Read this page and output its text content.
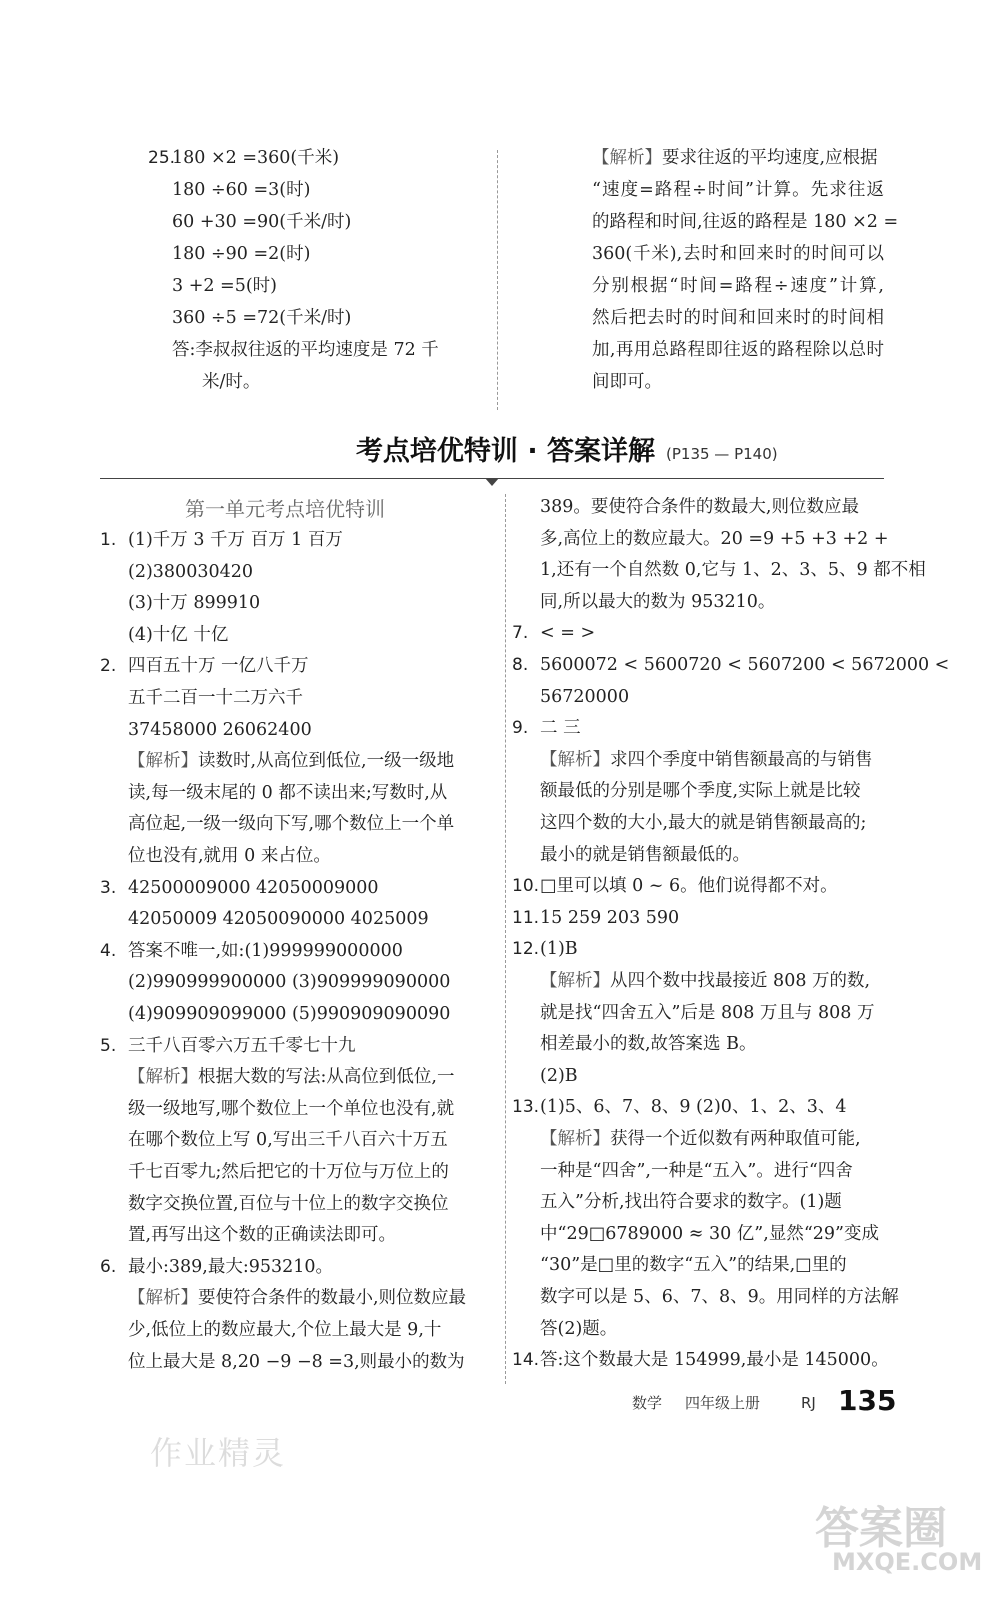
25.
180 ×2 =360(千米)
180 ÷60 =3(时)
60 +30 =90(千米/时)
180 ÷90 =2(时)
3 +2 =5(时)
360 ÷5 =72(千米/时)
答:李叔叔往返的平均速度是 72 千
米/时。
【解析】要求往返的平均速度,应根据
“速度=路程÷时间”计算。先求往返
的路程和时间,往返的路程是 180 ×2 =
360(千米),去时和回来时的时间可以
分别根据“时间=路程÷速度”计算,
然后把去时的时间和回来时的时间相
加,再用总路程即往返的路程除以总时
间即可。
考点培优特训 · 答案详解 (P135 — P140)
第一单元考点培优特训
1. (1)千万 3 千万 百万 1 百万
(2)380030420
(3)十万 899910
(4)十亿 十亿
2. 四百五十万 一亿八千万
五千二百一十二万六千
37458000 26062400
【解析】读数时,从高位到低位,一级一级地
读,每一级末尾的 0 都不读出来;写数时,从
高位起,一级一级向下写,哪个数位上一个单
位也没有,就用 0 来占位。
3. 42500009000 42050009000
42050009 42050090000 4025009
4. 答案不唯一,如:(1)999999000000
(2)990999900000 (3)909999090000
(4)909909099000 (5)990909090090
5. 三千八百零六万五千零七十九
【解析】根据大数的写法:从高位到低位,一
级一级地写,哪个数位上一个单位也没有,就
在哪个数位上写 0,写出三千八百六十万五
千七百零九;然后把它的十万位与万位上的
数字交换位置,百位与十位上的数字交换位
置,再写出这个数的正确读法即可。
6. 最小:389,最大:953210。
【解析】要使符合条件的数最小,则位数应最
少,低位上的数应最大,个位上最大是 9,十
位上最大是 8,20 −9 −8 =3,则最小的数为
389。要使符合条件的数最大,则位数应最
多,高位上的数应最大。20 =9 +5 +3 +2 +
1,还有一个自然数 0,它与 1、2、3、5、9 都不相
同,所以最大的数为 953210。
7. < = >
8. 5600072 < 5600720 < 5607200 < 5672000 <
56720000
9. 二 三
【解析】求四个季度中销售额最高的与销售
额最低的分别是哪个季度,实际上就是比较
这四个数的大小,最大的就是销售额最高的;
最小的就是销售额最低的。
10. □里可以填 0 ~ 6。他们说得都不对。
11. 15 259 203 590
12. (1)B
【解析】从四个数中找最接近 808 万的数,
就是找“四舍五入”后是 808 万且与 808 万
相差最小的数,故答案选 B。
(2)B
13. (1)5、6、7、8、9 (2)0、1、2、3、4
【解析】获得一个近似数有两种取值可能,
一种是“四舍”,一种是“五入”。进行“四舍
五入”分析,找出符合要求的数字。(1)题
中“29□6789000 ≈ 30 亿”,显然“29”变成
“30”是□里的数字“五入”的结果,□里的
数字可以是 5、6、7、8、9。用同样的方法解
答(2)题。
14. 答:这个数最大是 154999,最小是 145000。
数学 四年级上册	RJ 135
作业精灵
答案圈
MXQE.COM
